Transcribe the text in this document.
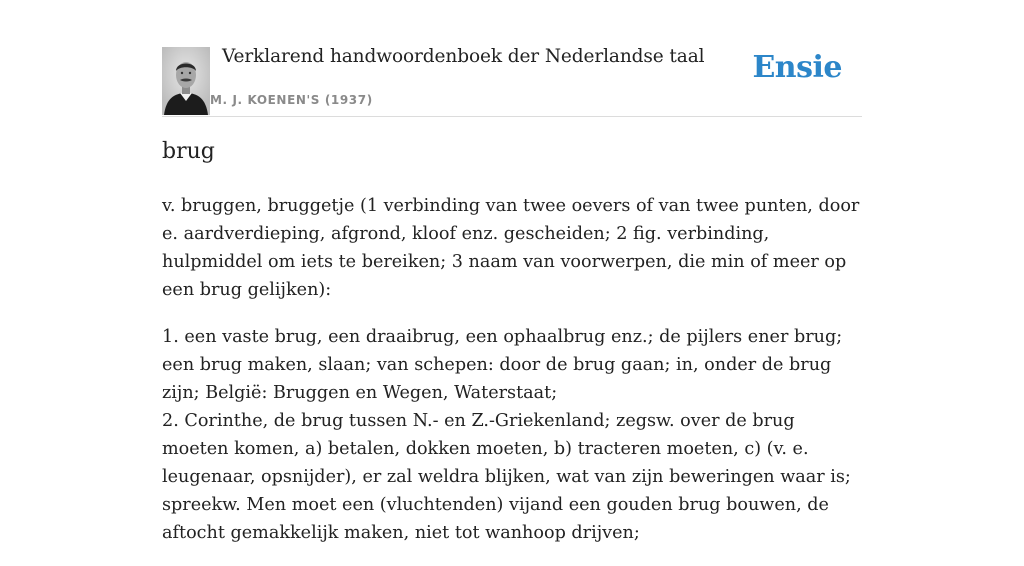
Verklarend handwoordenboek der Nederlandse taal
M. J. KOENEN'S (1937)
Ensie
brug

v. bruggen, bruggetje (1 verbinding van twee oevers of van twee punten, door e. aardverdieping, afgrond, kloof enz. gescheiden; 2 fig. verbinding, hulpmiddel om iets te bereiken; 3 naam van voorwerpen, die min of meer op een brug gelijken):

1. een vaste brug, een draaibrug, een ophaalbrug enz.; de pijlers ener brug; een brug maken, slaan; van schepen: door de brug gaan; in, onder de brug zijn; België: Bruggen en Wegen, Waterstaat;
2. Corinthe, de brug tussen N.- en Z.-Griekenland; zegsw. over de brug moeten komen, a) betalen, dokken moeten, b) tracteren moeten, c) (v. e. leugenaar, opsnijder), er zal weldra blijken, wat van zijn beweringen waar is; spreekw. Men moet een (vluchtenden) vijand een gouden brug bouwen, de aftocht gemakkelijk maken, niet tot wanhoop drijven;
